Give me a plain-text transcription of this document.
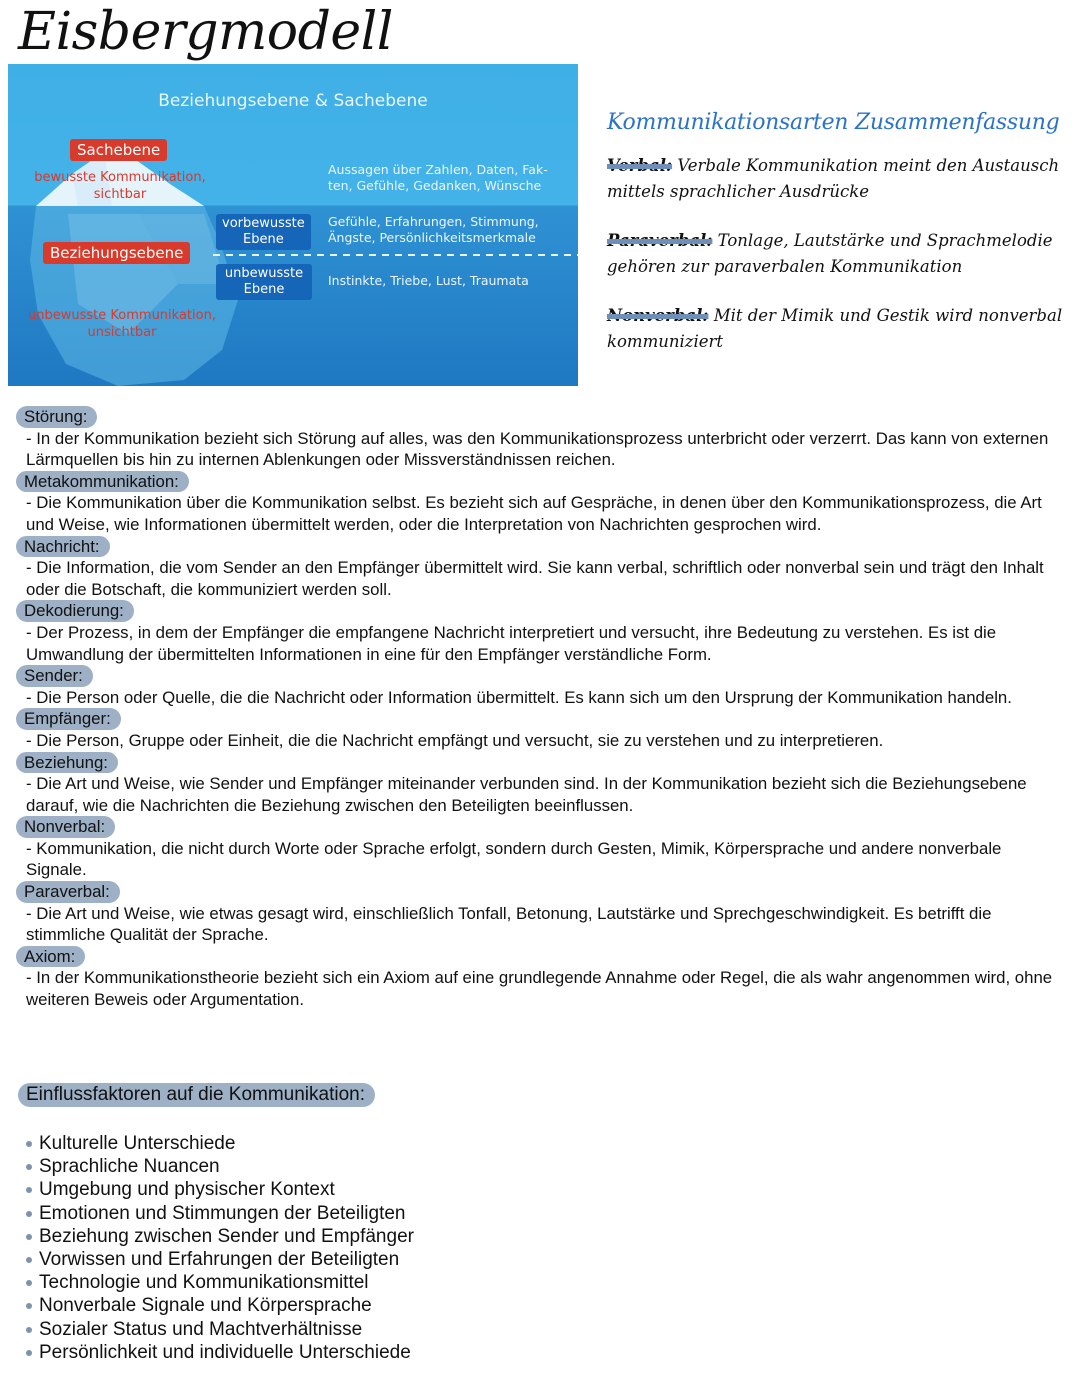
Eisbergmodell
Beziehungsebene & Sachebene
Sachebene
bewusste Kommunikation,
sichtbar
Beziehungsebene
unbewusste Kommunikation,
unsichtbar
vorbewusste
Ebene
unbewusste
Ebene
Aussagen über Zahlen, Daten, Fak-
ten, Gefühle, Gedanken, Wünsche
Gefühle, Erfahrungen, Stimmung,
Ängste, Persönlichkeitsmerkmale
Instinkte, Triebe, Lust, Traumata
Kommunikationsarten Zusammenfassung
Verbal: Verbale Kommunikation meint den Austausch mittels sprachlicher Ausdrücke
Paraverbal: Tonlage, Lautstärke und Sprachmelodie gehören zur paraverbalen Kommunikation
Nonverbal: Mit der Mimik und Gestik wird nonverbal kommuniziert
Störung:
- In der Kommunikation bezieht sich Störung auf alles, was den Kommunikationsprozess unterbricht oder verzerrt. Das kann von externen Lärmquellen bis hin zu internen Ablenkungen oder Missverständnissen reichen.
Metakommunikation:
- Die Kommunikation über die Kommunikation selbst. Es bezieht sich auf Gespräche, in denen über den Kommunikationsprozess, die Art und Weise, wie Informationen übermittelt werden, oder die Interpretation von Nachrichten gesprochen wird.
Nachricht:
- Die Information, die vom Sender an den Empfänger übermittelt wird. Sie kann verbal, schriftlich oder nonverbal sein und trägt den Inhalt oder die Botschaft, die kommuniziert werden soll.
Dekodierung:
- Der Prozess, in dem der Empfänger die empfangene Nachricht interpretiert und versucht, ihre Bedeutung zu verstehen. Es ist die Umwandlung der übermittelten Informationen in eine für den Empfänger verständliche Form.
Sender:
- Die Person oder Quelle, die die Nachricht oder Information übermittelt. Es kann sich um den Ursprung der Kommunikation handeln.
Empfänger:
- Die Person, Gruppe oder Einheit, die die Nachricht empfängt und versucht, sie zu verstehen und zu interpretieren.
Beziehung:
- Die Art und Weise, wie Sender und Empfänger miteinander verbunden sind. In der Kommunikation bezieht sich die Beziehungsebene darauf, wie die Nachrichten die Beziehung zwischen den Beteiligten beeinflussen.
Nonverbal:
- Kommunikation, die nicht durch Worte oder Sprache erfolgt, sondern durch Gesten, Mimik, Körpersprache und andere nonverbale Signale.
Paraverbal:
- Die Art und Weise, wie etwas gesagt wird, einschließlich Tonfall, Betonung, Lautstärke und Sprechgeschwindigkeit. Es betrifft die stimmliche Qualität der Sprache.
Axiom:
- In der Kommunikationstheorie bezieht sich ein Axiom auf eine grundlegende Annahme oder Regel, die als wahr angenommen wird, ohne weiteren Beweis oder Argumentation.
Einflussfaktoren auf die Kommunikation:
Kulturelle Unterschiede
Sprachliche Nuancen
Umgebung und physischer Kontext
Emotionen und Stimmungen der Beteiligten
Beziehung zwischen Sender und Empfänger
Vorwissen und Erfahrungen der Beteiligten
Technologie und Kommunikationsmittel
Nonverbale Signale und Körpersprache
Sozialer Status und Machtverhältnisse
Persönlichkeit und individuelle Unterschiede
